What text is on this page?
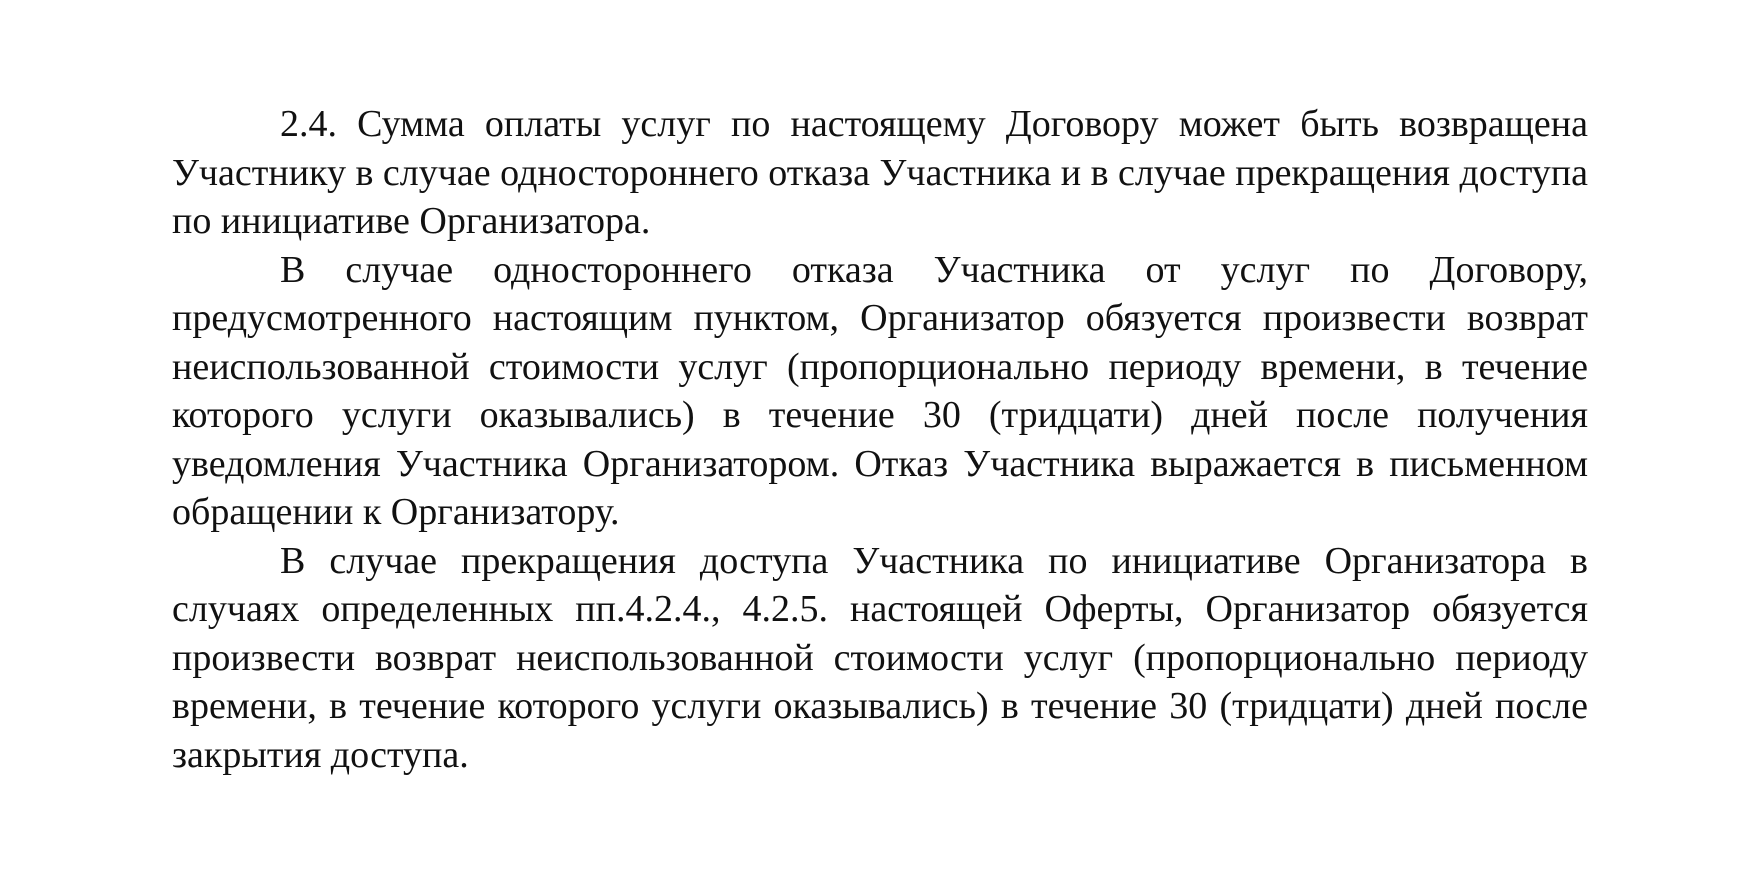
2.4. Сумма оплаты услуг по настоящему Договору может быть возвращена Участнику в случае одностороннего отказа Участника и в случае прекращения доступа по инициативе Организатора.

В случае одностороннего отказа Участника от услуг по Договору, предусмотренного настоящим пунктом, Организатор обязуется произвести возврат неиспользованной стоимости услуг (пропорционально периоду времени, в течение которого услуги оказывались) в течение 30 (тридцати) дней после получения уведомления Участника Организатором. Отказ Участника выражается в письменном обращении к Организатору.

В случае прекращения доступа Участника по инициативе Организатора в случаях определенных пп.4.2.4., 4.2.5. настоящей Оферты, Организатор обязуется произвести возврат неиспользованной стоимости услуг (пропорционально периоду времени, в течение которого услуги оказывались) в течение 30 (тридцати) дней после закрытия доступа.
